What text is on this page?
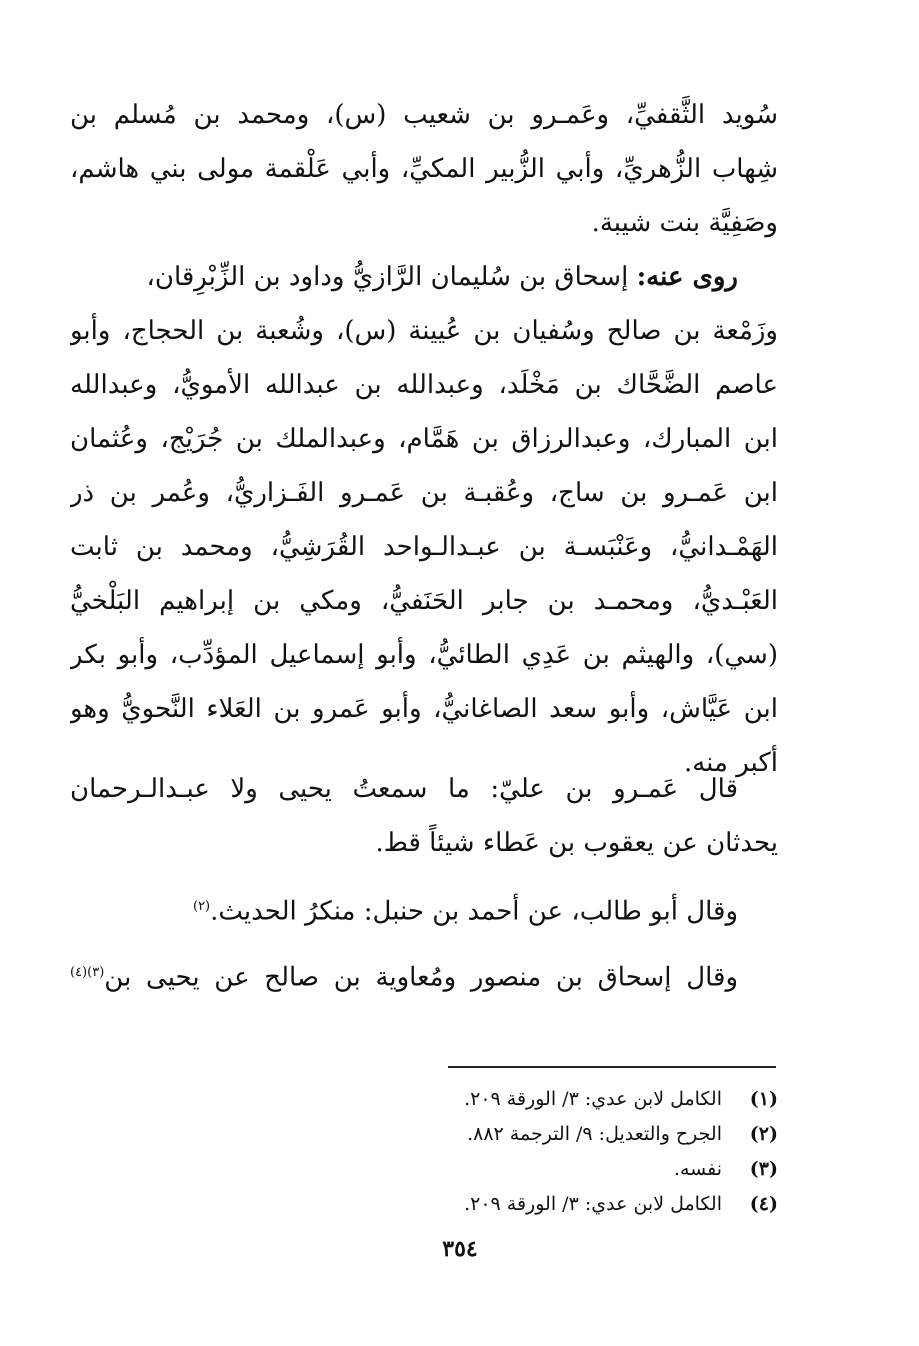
سُويد الثَّقفيِّ، وعَمـرو بن شعيب (س)، ومحمد بن مُسلم بن
شِهاب الزُّهريِّ، وأبي الزُّبير المكيِّ، وأبي عَلْقمة مولى بني هاشم،
وصَفِيَّة بنت شيبة.
روى عنه: إسحاق بن سُليمان الرَّازيُّ وداود بن الزِّبْرِقان،
وزَمْعة بن صالح وسُفيان بن عُيينة (س)، وشُعبة بن الحجاج، وأبو
عاصم الضَّحَّاك بن مَخْلَد، وعبدالله بن عبدالله الأمويُّ، وعبدالله
ابن المبارك، وعبدالرزاق بن هَمَّام، وعبدالملك بن جُرَيْج، وعُثمان
ابن عَمـرو بن ساج، وعُقبـة بن عَمـرو الفَـزاريُّ، وعُمر بن ذر
الهَمْـدانيُّ، وعَنْبَسـة بن عبـدالـواحد القُرَشِيُّ، ومحمد بن ثابت
العَبْـديُّ، ومحمـد بن جابر الحَنَفيُّ، ومكي بن إبراهيم البَلْخيُّ
(سي)، والهيثم بن عَدِي الطائيُّ، وأبو إسماعيل المؤدِّب، وأبو بكر
ابن عَيَّاش، وأبو سعد الصاغانيُّ، وأبو عَمرو بن العَلاء النَّحويُّ وهو
أكبر منه.
قال عَمـرو بن عليّ: ما سمعتُ يحيى ولا عبـدالـرحمان
يحدثان عن يعقوب بن عَطاء شيئاً قط.
وقال أبو طالب، عن أحمد بن حنبل: منكرُ الحديث.$^{(٢)}$
وقال إسحاق بن منصور ومُعاوية بن صالح عن يحيى بن$^{(٣)(٤)}$
(١)
الكامل لابن عدي: ٣/ الورقة ٢٠٩.
(٢)
الجرح والتعديل: ٩/ الترجمة ٨٨٢.
(٣)
نفسه.
(٤)
الكامل لابن عدي: ٣/ الورقة ٢٠٩.
٣٥٤
